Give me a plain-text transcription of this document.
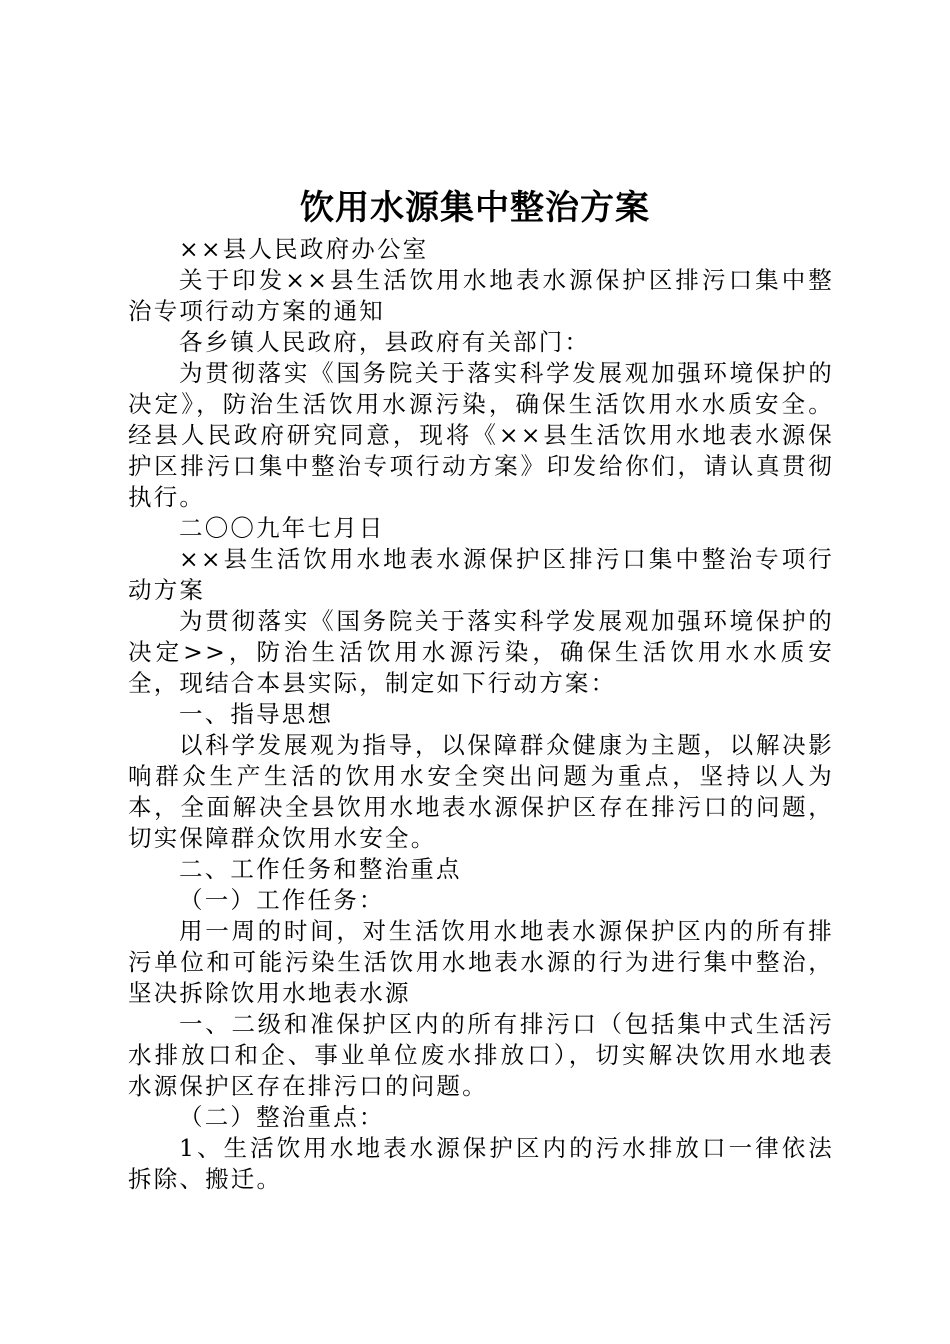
饮用水源集中整治方案

××县人民政府办公室

关于印发××县生活饮用水地表水源保护区排污口集中整治专项行动方案的通知

各乡镇人民政府，县政府有关部门：

为贯彻落实《国务院关于落实科学发展观加强环境保护的决定》，防治生活饮用水源污染，确保生活饮用水水质安全。经县人民政府研究同意，现将《××县生活饮用水地表水源保护区排污口集中整治专项行动方案》印发给你们，请认真贯彻执行。

二〇〇九年七月日

××县生活饮用水地表水源保护区排污口集中整治专项行动方案

为贯彻落实《国务院关于落实科学发展观加强环境保护的决定>>，防治生活饮用水源污染，确保生活饮用水水质安全，现结合本县实际，制定如下行动方案：

一、指导思想

以科学发展观为指导，以保障群众健康为主题，以解决影响群众生产生活的饮用水安全突出问题为重点，坚持以人为本，全面解决全县饮用水地表水源保护区存在排污口的问题，切实保障群众饮用水安全。

二、工作任务和整治重点

（一）工作任务：

用一周的时间，对生活饮用水地表水源保护区内的所有排污单位和可能污染生活饮用水地表水源的行为进行集中整治，坚决拆除饮用水地表水源

一、二级和准保护区内的所有排污口（包括集中式生活污水排放口和企、事业单位废水排放口），切实解决饮用水地表水源保护区存在排污口的问题。

（二）整治重点：

1、生活饮用水地表水源保护区内的污水排放口一律依法拆除、搬迁。
